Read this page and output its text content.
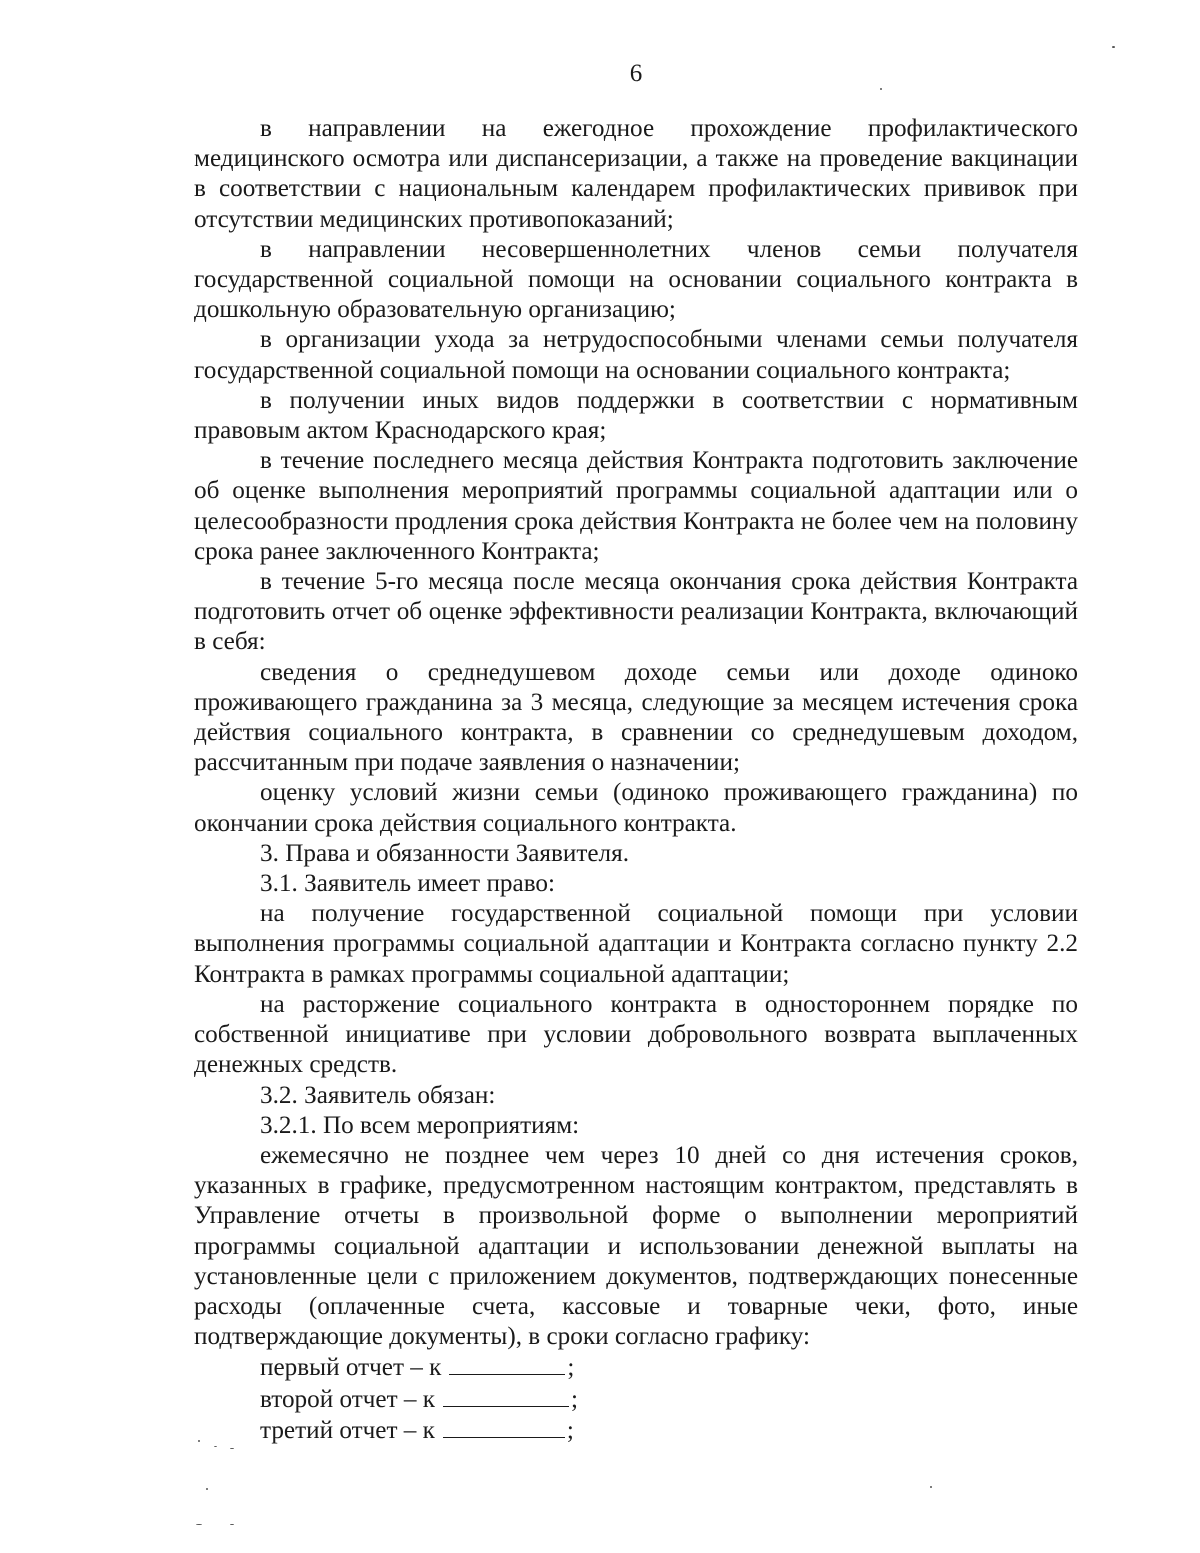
6

в направлении на ежегодное прохождение профилактического медицинского осмотра или диспансеризации, а также на проведение вакцинации в соответствии с национальным календарем профилактических прививок при отсутствии медицинских противопоказаний;

в направлении несовершеннолетних членов семьи получателя государственной социальной помощи на основании социального контракта в дошкольную образовательную организацию;

в организации ухода за нетрудоспособными членами семьи получателя государственной социальной помощи на основании социального контракта;

в получении иных видов поддержки в соответствии с нормативным правовым актом Краснодарского края;

в течение последнего месяца действия Контракта подготовить заключение об оценке выполнения мероприятий программы социальной адаптации или о целесообразности продления срока действия Контракта не более чем на половину срока ранее заключенного Контракта;

в течение 5-го месяца после месяца окончания срока действия Контракта подготовить отчет об оценке эффективности реализации Контракта, включающий в себя:

сведения о среднедушевом доходе семьи или доходе одиноко проживающего гражданина за 3 месяца, следующие за месяцем истечения срока действия социального контракта, в сравнении со среднедушевым доходом, рассчитанным при подаче заявления о назначении;

оценку условий жизни семьи (одиноко проживающего гражданина) по окончании срока действия социального контракта.

3. Права и обязанности Заявителя.

3.1. Заявитель имеет право:

на получение государственной социальной помощи при условии выполнения программы социальной адаптации и Контракта согласно пункту 2.2 Контракта в рамках программы социальной адаптации;

на расторжение социального контракта в одностороннем порядке по собственной инициативе при условии добровольного возврата выплаченных денежных средств.

3.2. Заявитель обязан:

3.2.1. По всем мероприятиям:

ежемесячно не позднее чем через 10 дней со дня истечения сроков, указанных в графике, предусмотренном настоящим контрактом, представлять в Управление отчеты в произвольной форме о выполнении мероприятий программы социальной адаптации и использовании денежной выплаты на установленные цели с приложением документов, подтверждающих понесенные расходы (оплаченные счета, кассовые и товарные чеки, фото, иные подтверждающие документы), в сроки согласно графику:

первый отчет – к	;
второй отчет – к	;
третий отчет – к	;
